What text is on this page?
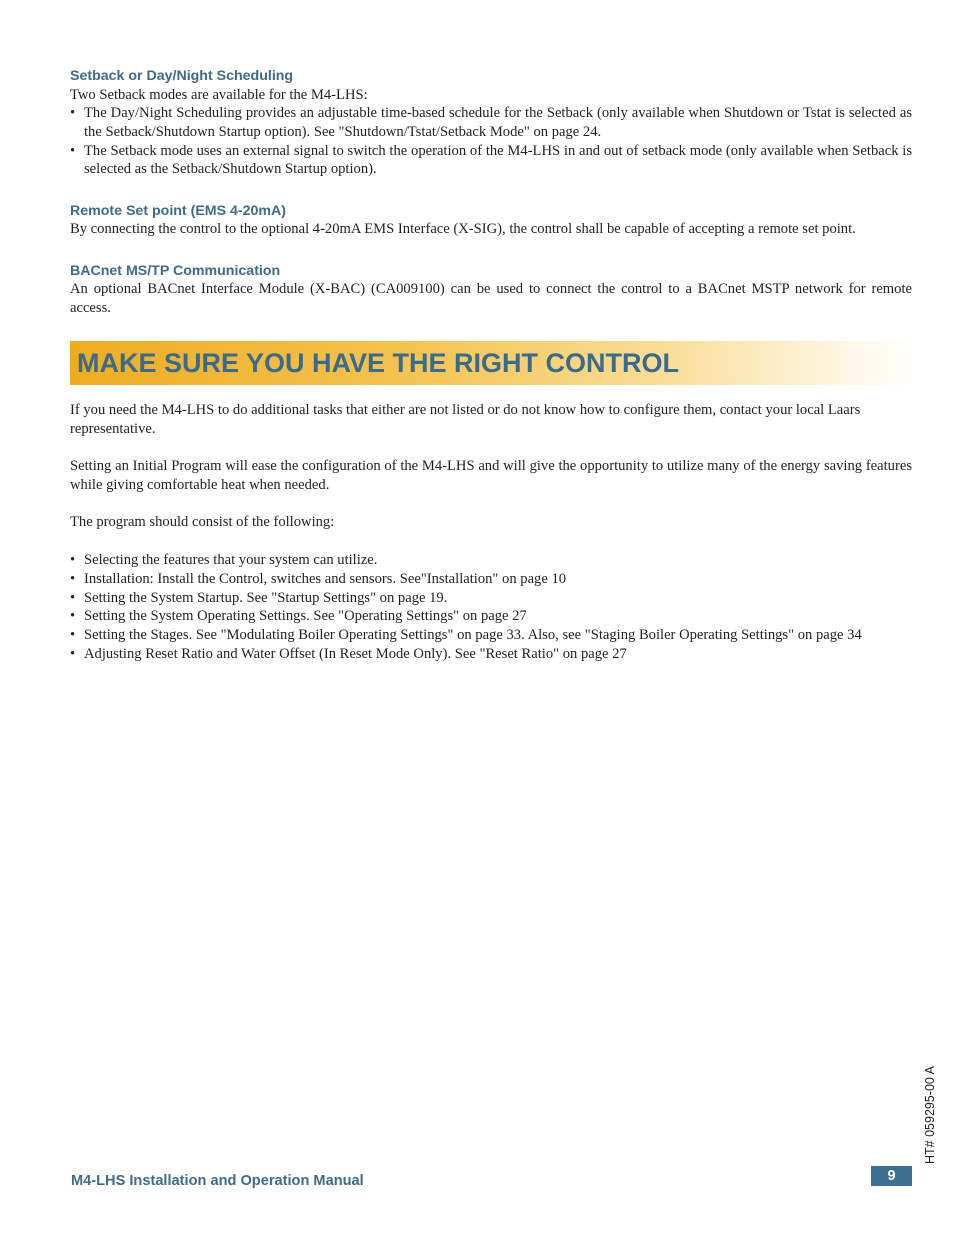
Setback or Day/Night Scheduling

Two Setback modes are available for the M4-LHS:

• The Day/Night Scheduling provides an adjustable time-based schedule for the Setback (only available when Shutdown or Tstat is selected as the Setback/Shutdown Startup option). See "Shutdown/Tstat/Setback Mode" on page 24.
• The Setback mode uses an external signal to switch the operation of the M4-LHS in and out of setback mode (only available when Setback is selected as the Setback/Shutdown Startup option).
Remote Set point (EMS 4-20mA)

By connecting the control to the optional 4-20mA EMS Interface (X-SIG), the control shall be capable of accepting a remote set point.

BACnet MS/TP Communication

An optional BACnet Interface Module (X-BAC) (CA009100) can be used to connect the control to a BACnet MSTP network for remote access.

MAKE SURE YOU HAVE THE RIGHT CONTROL

If you need the M4-LHS to do additional tasks that either are not listed or do not know how to configure them, contact your local Laars representative.

Setting an Initial Program will ease the configuration of the M4-LHS and will give the opportunity to utilize many of the energy saving features while giving comfortable heat when needed.

The program should consist of the following:

• Selecting the features that your system can utilize.
• Installation: Install the Control, switches and sensors. See"Installation" on page 10
• Setting the System Startup. See "Startup Settings" on page 19.
• Setting the System Operating Settings. See "Operating Settings" on page 27
• Setting the Stages. See "Modulating Boiler Operating Settings" on page 33. Also, see "Staging Boiler Operating Settings" on page 34
• Adjusting Reset Ratio and Water Offset (In Reset Mode Only). See "Reset Ratio" on page 27
HT# 059295-00 A
M4-LHS Installation and Operation Manual	9
